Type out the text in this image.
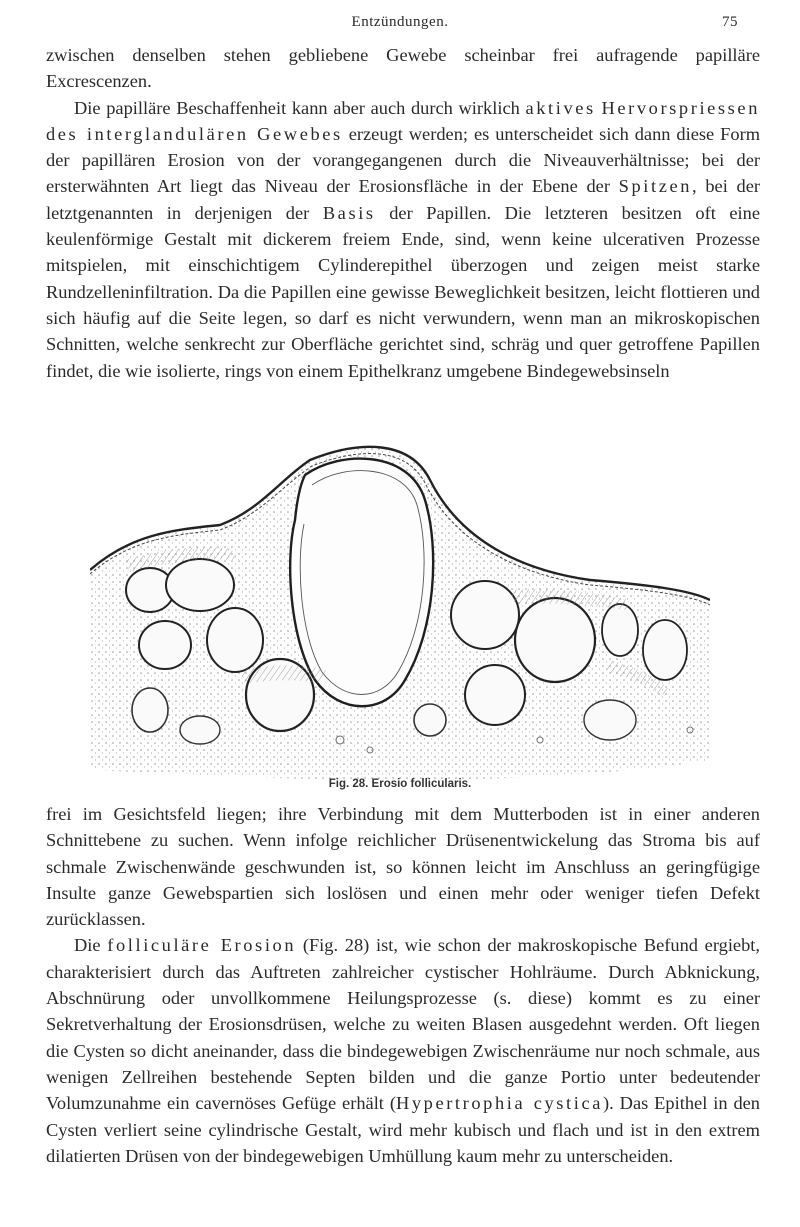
Entzündungen.	75

zwischen denselben stehen gebliebene Gewebe scheinbar frei aufragende papilläre Excrescenzen.

Die papilläre Beschaffenheit kann aber auch durch wirklich aktives Hervorspriessen des interglandulären Gewebes erzeugt werden; es unterscheidet sich dann diese Form der papillären Erosion von der vorangegangenen durch die Niveauverhältnisse; bei der ersterwähnten Art liegt das Niveau der Erosionsfläche in der Ebene der Spitzen, bei der letztgenannten in derjenigen der Basis der Papillen. Die letzteren besitzen oft eine keulenförmige Gestalt mit dickerem freiem Ende, sind, wenn keine ulcerativen Prozesse mitspielen, mit einschichtigem Cylinderepithel überzogen und zeigen meist starke Rundzelleninfiltration. Da die Papillen eine gewisse Beweglichkeit besitzen, leicht flottieren und sich häufig auf die Seite legen, so darf es nicht verwundern, wenn man an mikroskopischen Schnitten, welche senkrecht zur Oberfläche gerichtet sind, schräg und quer getroffene Papillen findet, die wie isolierte, rings von einem Epithelkranz umgebene Bindegewebsinseln

Fig. 28. Erosio follicularis.

frei im Gesichtsfeld liegen; ihre Verbindung mit dem Mutterboden ist in einer anderen Schnittebene zu suchen. Wenn infolge reichlicher Drüsenentwickelung das Stroma bis auf schmale Zwischenwände geschwunden ist, so können leicht im Anschluss an geringfügige Insulte ganze Gewebspartien sich loslösen und einen mehr oder weniger tiefen Defekt zurücklassen.

Die folliculäre Erosion (Fig. 28) ist, wie schon der makroskopische Befund ergiebt, charakterisiert durch das Auftreten zahlreicher cystischer Hohlräume. Durch Abknickung, Abschnürung oder unvollkommene Heilungsprozesse (s. diese) kommt es zu einer Sekretverhaltung der Erosionsdrüsen, welche zu weiten Blasen ausgedehnt werden. Oft liegen die Cysten so dicht aneinander, dass die bindegewebigen Zwischenräume nur noch schmale, aus wenigen Zellreihen bestehende Septen bilden und die ganze Portio unter bedeutender Volumzunahme ein cavernöses Gefüge erhält (Hypertrophia cystica). Das Epithel in den Cysten verliert seine cylindrische Gestalt, wird mehr kubisch und flach und ist in den extrem dilatierten Drüsen von der bindegewebigen Umhüllung kaum mehr zu unterscheiden.
